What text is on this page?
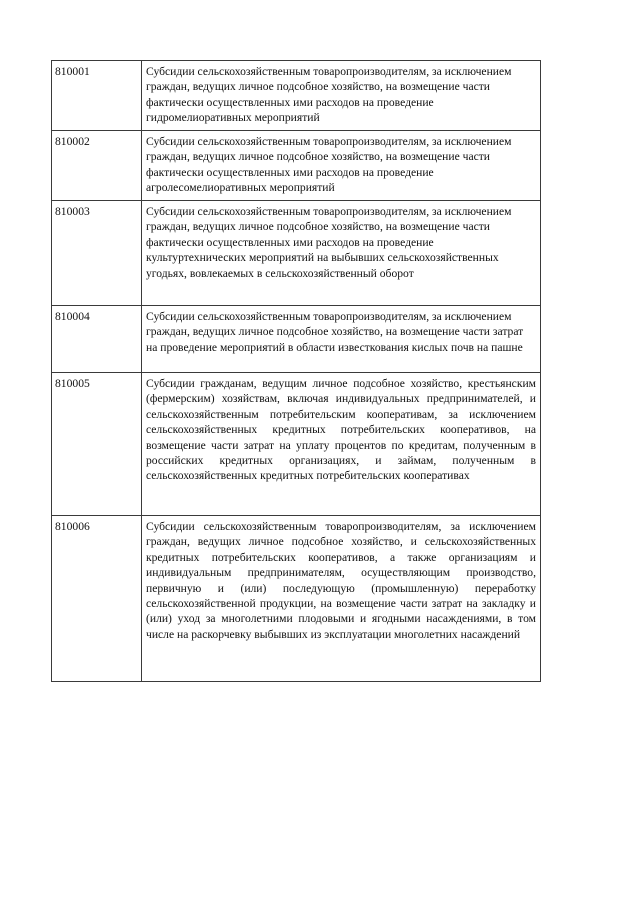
810001	Субсидии сельскохозяйственным товаропроизводителям, за исключением граждан, ведущих личное подсобное хозяйство, на возмещение части фактически осуществленных ими расходов на проведение гидромелиоративных мероприятий
810002	Субсидии сельскохозяйственным товаропроизводителям, за исключением граждан, ведущих личное подсобное хозяйство, на возмещение части фактически осуществленных ими расходов на проведение агролесомелиоративных мероприятий
810003	Субсидии сельскохозяйственным товаропроизводителям, за исключением граждан, ведущих личное подсобное хозяйство, на возмещение части фактически осуществленных ими расходов на проведение культуртехнических мероприятий на выбывших сельскохозяйственных угодьях, вовлекаемых в сельскохозяйственный оборот
810004	Субсидии сельскохозяйственным товаропроизводителям, за исключением граждан, ведущих личное подсобное хозяйство, на возмещение части затрат на проведение мероприятий в области известкования кислых почв на пашне
810005	Субсидии гражданам, ведущим личное подсобное хозяйство, крестьянским (фермерским) хозяйствам, включая индивидуальных предпринимателей, и сельскохозяйственным потребительским кооперативам, за исключением сельскохозяйственных кредитных потребительских кооперативов, на возмещение части затрат на уплату процентов по кредитам, полученным в российских кредитных организациях, и займам, полученным в сельскохозяйственных кредитных потребительских кооперативах
810006	Субсидии сельскохозяйственным товаропроизводителям, за исключением граждан, ведущих личное подсобное хозяйство, и сельскохозяйственных кредитных потребительских кооперативов, а также организациям и индивидуальным предпринимателям, осуществляющим производство, первичную и (или) последующую (промышленную) переработку сельскохозяйственной продукции, на возмещение части затрат на закладку и (или) уход за многолетними плодовыми и ягодными насаждениями, в том числе на раскорчевку выбывших из эксплуатации многолетних насаждений
